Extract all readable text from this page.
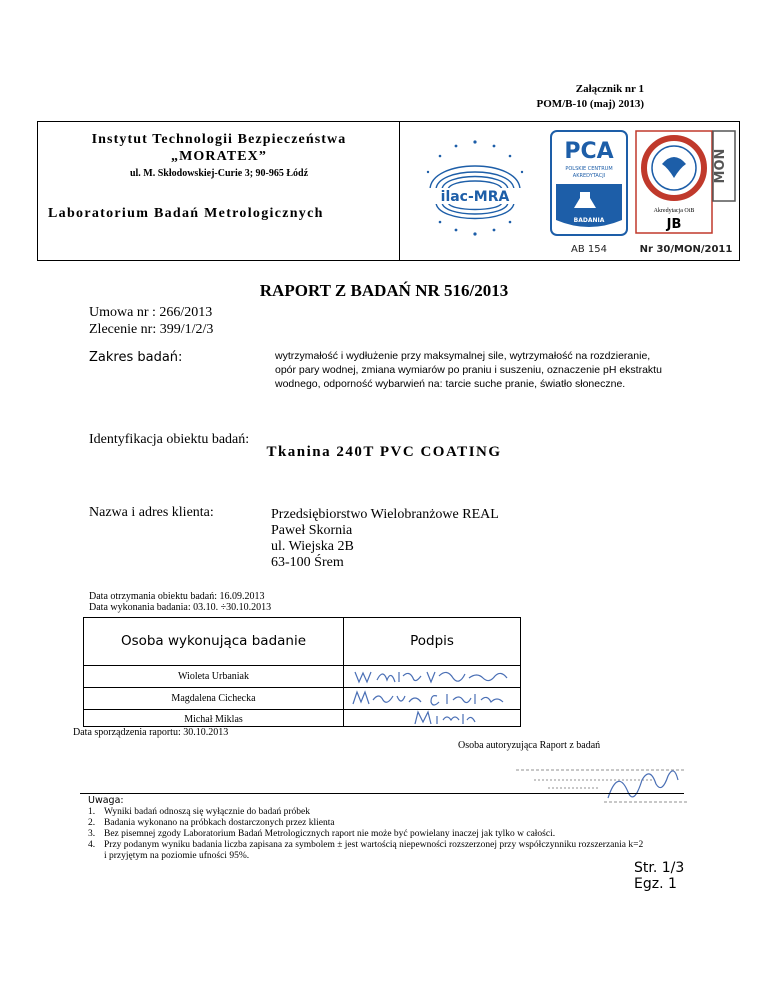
Załącznik nr 1
POM/B-10 (maj) 2013)
Instytut Technologii Bezpieczeństwa
„MORATEX”
ul. M. Skłodowskiej-Curie 3; 90-965 Łódź
Laboratorium Badań Metrologicznych
ilac-MRA
PCA
POLSKIE CENTRUM
AKREDYTACJI
BADANIA
AB 154
MON
Akredytacja OiB
JB
Nr 30/MON/2011
RAPORT Z BADAŃ NR 516/2013
Umowa nr : 266/2013
Zlecenie nr: 399/1/2/3
Zakres badań:	wytrzymałość i wydłużenie przy maksymalnej sile, wytrzymałość na rozdzieranie,
opór pary wodnej, zmiana wymiarów po praniu i suszeniu, oznaczenie pH ekstraktu
wodnego, odporność wybarwień na: tarcie suche pranie, światło słoneczne.
Identyfikacja obiektu badań:
Tkanina 240T PVC COATING
Nazwa i adres klienta:	Przedsiębiorstwo Wielobranżowe REAL
Paweł Skornia
ul. Wiejska 2B
63-100 Śrem
Data otrzymania obiektu badań: 16.09.2013
Data wykonania badania: 03.10. ÷30.10.2013
Osoba wykonująca badanie	Podpis
Wioleta Urbaniak
Magdalena Cichecka
Michał Miklas
Data sporządzenia raportu: 30.10.2013
Osoba autoryzująca Raport z badań
Uwaga:
1. Wyniki badań odnoszą się wyłącznie do badań próbek
2. Badania wykonano na próbkach dostarczonych przez klienta
3. Bez pisemnej zgody Laboratorium Badań Metrologicznych raport nie może być powielany inaczej jak tylko w całości.
4. Przy podanym wyniku badania liczba zapisana za symbolem ± jest wartością niepewności rozszerzonej przy współczynniku rozszerzania k=2 i przyjętym na poziomie ufności 95%.
Str. 1/3
Egz. 1
